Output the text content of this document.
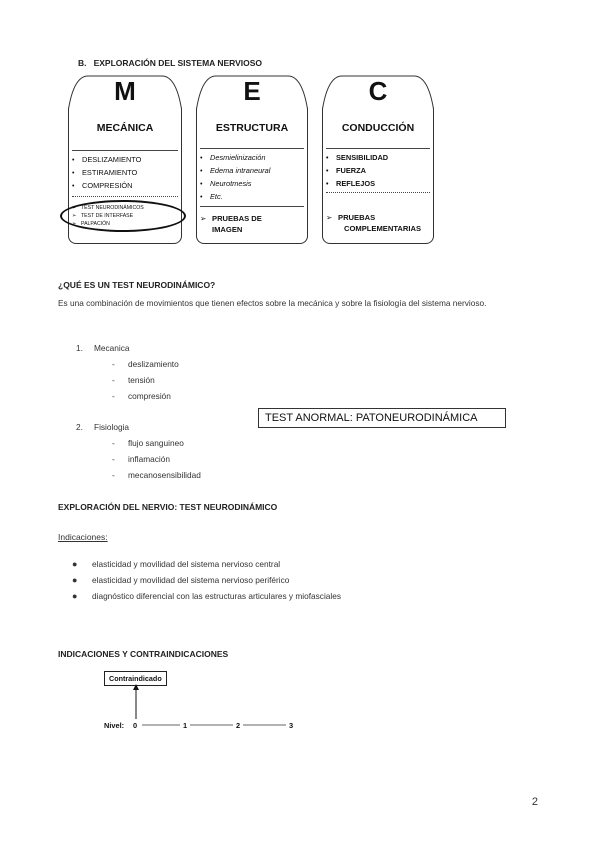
B. EXPLORACIÓN DEL SISTEMA NERVIOSO
M
MECÁNICA
• DESLIZAMIENTO
• ESTIRAMIENTO
• COMPRESIÓN
➢ TEST NEURODINÁMICOS
➢ TEST DE INTERFASE
➢ PALPACIÓN
E
ESTRUCTURA
• Desmielinización
• Edema intraneural
• Neurotmesis
• Etc.
➢ PRUEBAS DE
IMAGEN
C
CONDUCCIÓN
• SENSIBILIDAD
• FUERZA
• REFLEJOS
➢ PRUEBAS
COMPLEMENTARIAS
¿QUÉ ES UN TEST NEURODINÁMICO?
Es una combinación de movimientos que tienen efectos sobre la mecánica y sobre la fisiología del sistema nervioso.
1. Mecanica
- deslizamiento
- tensión
- compresión
TEST ANORMAL: PATONEURODINÁMICA
2. Fisiologia
- flujo sanguineo
- inflamación
- mecanosensibilidad
EXPLORACIÓN DEL NERVIO: TEST NEURODINÁMICO
Indicaciones:
● elasticidad y movilidad del sistema nervioso central
● elasticidad y movilidad del sistema nervioso periférico
● diagnóstico diferencial con las estructuras articulares y miofasciales
INDICACIONES Y CONTRAINDICACIONES
Contraindicado
Nivel: 0	1	2	3
2
